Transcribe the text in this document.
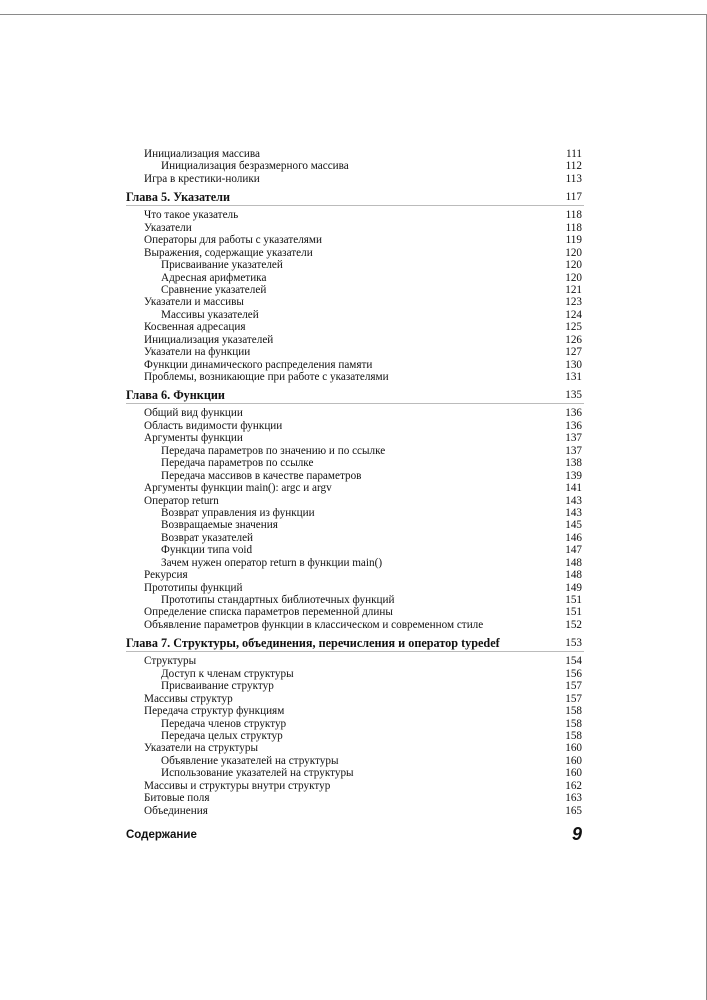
Инициализация массива	111
Инициализация безразмерного массива	112
Игра в крестики-нолики	113
Глава 5. Указатели	117
Что такое указатель	118
Указатели	118
Операторы для работы с указателями	119
Выражения, содержащие указатели	120
Присваивание указателей	120
Адресная арифметика	120
Сравнение указателей	121
Указатели и массивы	123
Массивы указателей	124
Косвенная адресация	125
Инициализация указателей	126
Указатели на функции	127
Функции динамического распределения памяти	130
Проблемы, возникающие при работе с указателями	131
Глава 6. Функции	135
Общий вид функции	136
Область видимости функции	136
Аргументы функции	137
Передача параметров по значению и по ссылке	137
Передача параметров по ссылке	138
Передача массивов в качестве параметров	139
Аргументы функции main(): argc и argv	141
Оператор return	143
Возврат управления из функции	143
Возвращаемые значения	145
Возврат указателей	146
Функции типа void	147
Зачем нужен оператор return в функции main()	148
Рекурсия	148
Прототипы функций	149
Прототипы стандартных библиотечных функций	151
Определение списка параметров переменной длины	151
Объявление параметров функции в классическом и современном стиле	152
Глава 7. Структуры, объединения, перечисления и оператор typedef	153
Структуры	154
Доступ к членам структуры	156
Присваивание структур	157
Массивы структур	157
Передача структур функциям	158
Передача членов структур	158
Передача целых структур	158
Указатели на структуры	160
Объявление указателей на структуры	160
Использование указателей на структуры	160
Массивы и структуры внутри структур	162
Битовые поля	163
Объединения	165
Содержание	9
